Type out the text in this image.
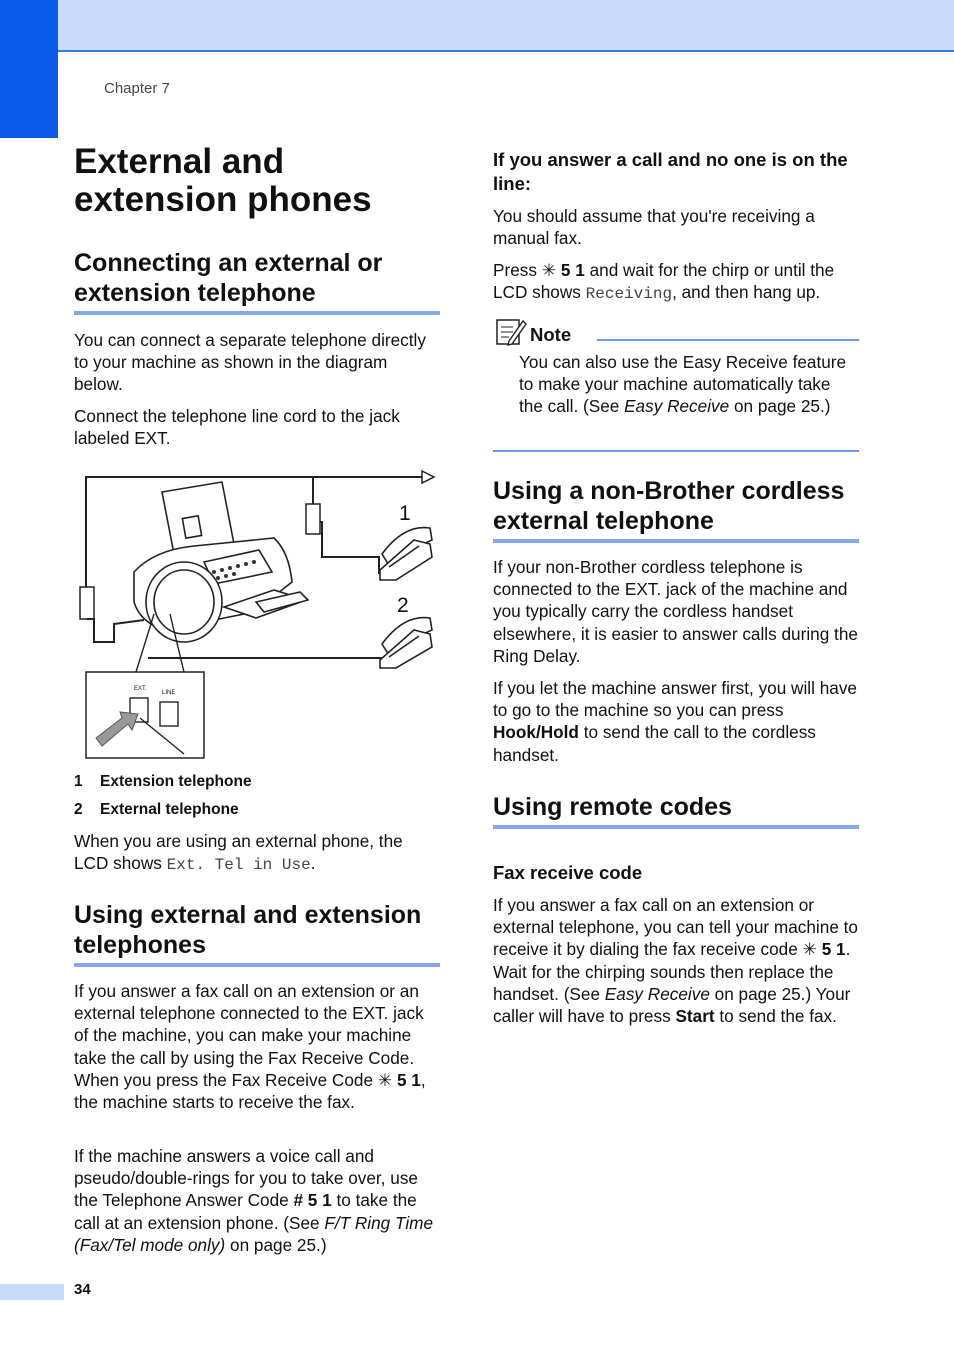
Chapter 7
External and extension phones
Connecting an external or extension telephone

You can connect a separate telephone directly to your machine as shown in the diagram below.

Connect the telephone line cord to the jack labeled EXT.

1
2
EXT.
LINE
1 Extension telephone
2 External telephone

When you are using an external phone, the LCD shows Ext. Tel in Use.

Using external and extension telephones

If you answer a fax call on an extension or an external telephone connected to the EXT. jack of the machine, you can make your machine take the call by using the Fax Receive Code. When you press the Fax Receive Code ✳ 5 1, the machine starts to receive the fax.

If the machine answers a voice call and pseudo/double-rings for you to take over, use the Telephone Answer Code # 5 1 to take the call at an extension phone. (See F/T Ring Time (Fax/Tel mode only) on page 25.)

If you answer a call and no one is on the line:

You should assume that you're receiving a manual fax.

Press ✳ 5 1 and wait for the chirp or until the LCD shows Receiving, and then hang up.

Note

You can also use the Easy Receive feature to make your machine automatically take the call. (See Easy Receive on page 25.)

Using a non-Brother cordless external telephone

If your non-Brother cordless telephone is connected to the EXT. jack of the machine and you typically carry the cordless handset elsewhere, it is easier to answer calls during the Ring Delay.

If you let the machine answer first, you will have to go to the machine so you can press Hook/Hold to send the call to the cordless handset.

Using remote codes
Fax receive code

If you answer a fax call on an extension or external telephone, you can tell your machine to receive it by dialing the fax receive code ✳ 5 1. Wait for the chirping sounds then replace the handset. (See Easy Receive on page 25.) Your caller will have to press Start to send the fax.

34
